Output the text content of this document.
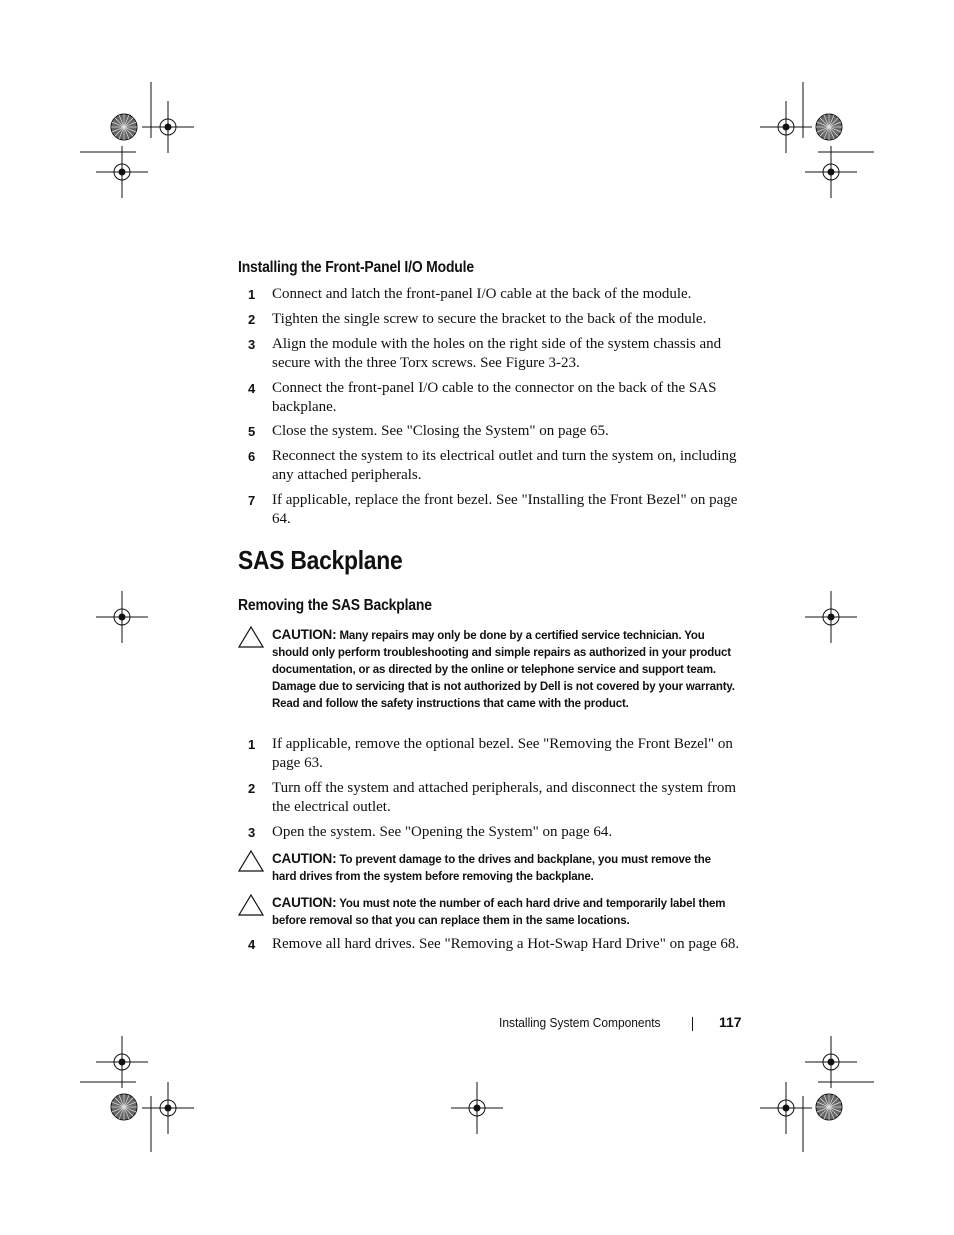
Installing the Front-Panel I/O Module
1 Connect and latch the front-panel I/O cable at the back of the module.
2 Tighten the single screw to secure the bracket to the back of the module.
3 Align the module with the holes on the right side of the system chassis and secure with the three Torx screws. See Figure 3-23.
4 Connect the front-panel I/O cable to the connector on the back of the SAS backplane.
5 Close the system. See "Closing the System" on page 65.
6 Reconnect the system to its electrical outlet and turn the system on, including any attached peripherals.
7 If applicable, replace the front bezel. See "Installing the Front Bezel" on page 64.
SAS Backplane
Removing the SAS Backplane
CAUTION: Many repairs may only be done by a certified service technician. You should only perform troubleshooting and simple repairs as authorized in your product documentation, or as directed by the online or telephone service and support team. Damage due to servicing that is not authorized by Dell is not covered by your warranty. Read and follow the safety instructions that came with the product.
1 If applicable, remove the optional bezel. See "Removing the Front Bezel" on page 63.
2 Turn off the system and attached peripherals, and disconnect the system from the electrical outlet.
3 Open the system. See "Opening the System" on page 64.
CAUTION: To prevent damage to the drives and backplane, you must remove the hard drives from the system before removing the backplane.
CAUTION: You must note the number of each hard drive and temporarily label them before removal so that you can replace them in the same locations.
4 Remove all hard drives. See "Removing a Hot-Swap Hard Drive" on page 68.
Installing System Components	117
